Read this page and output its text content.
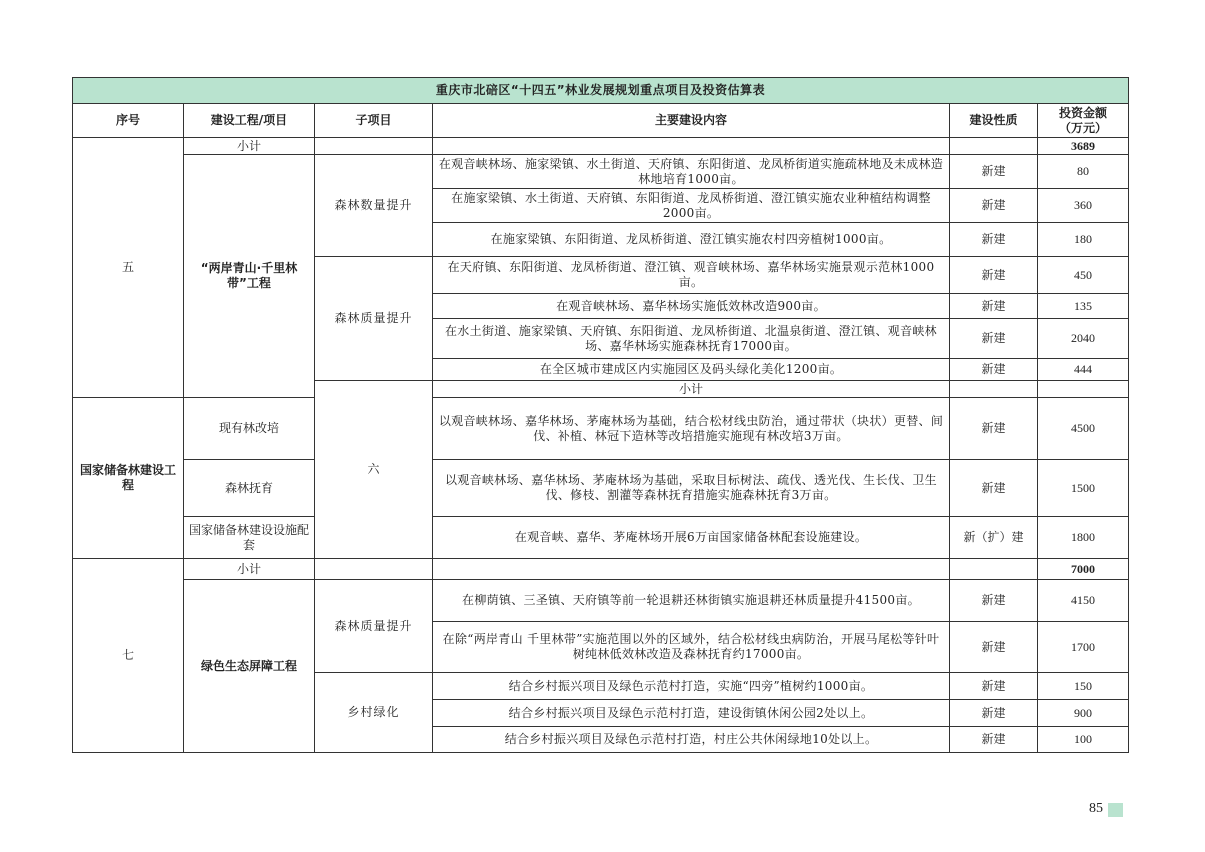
重庆市北碚区“十四五”林业发展规划重点项目及投资估算表						
序号	建设工程/项目	子项目	主要建设内容	建设性质	投资金额（万元）	
五	小计				3689	
	“两岸青山·千里林带”工程	森林数量提升	在观音峡林场、施家梁镇、水土街道、天府镇、东阳街道、龙凤桥街道实施疏林地及未成林造林地培育1000亩。	新建	80	
			在施家梁镇、水土街道、天府镇、东阳街道、龙凤桥街道、澄江镇实施农业种植结构调整2000亩。	新建	360	
			在施家梁镇、东阳街道、龙凤桥街道、澄江镇实施农村四旁植树1000亩。	新建	180	
		森林质量提升	在天府镇、东阳街道、龙凤桥街道、澄江镇、观音峡林场、嘉华林场实施景观示范林1000亩。	新建	450	
			在观音峡林场、嘉华林场实施低效林改造900亩。	新建	135	
			在水土街道、施家梁镇、天府镇、东阳街道、龙凤桥街道、北温泉街道、澄江镇、观音峡林场、嘉华林场实施森林抚育17000亩。	新建	2040	
			在全区城市建成区内实施园区及码头绿化美化1200亩。	新建	444	
		六	小计				
国家储备林建设工程	现有林改培		以观音峡林场、嘉华林场、茅庵林场为基础，结合松材线虫防治，通过带状（块状）更替、间伐、补植、林冠下造林等改培措施实施现有林改培3万亩。	新建	4500	
	森林抚育		以观音峡林场、嘉华林场、茅庵林场为基础，采取目标树法、疏伐、透光伐、生长伐、卫生伐、修枝、割灌等森林抚育措施实施森林抚育3万亩。	新建	1500	
	国家储备林建设设施配套		在观音峡、嘉华、茅庵林场开展6万亩国家储备林配套设施建设。	新（扩）建	1800	
七	小计				7000	
	绿色生态屏障工程	森林质量提升	在柳荫镇、三圣镇、天府镇等前一轮退耕还林街镇实施退耕还林质量提升41500亩。	新建	4150	
			在除“两岸青山 千里林带”实施范围以外的区域外，结合松材线虫病防治，开展马尾松等针叶树纯林低效林改造及森林抚育约17000亩。	新建	1700	
		乡村绿化	结合乡村振兴项目及绿色示范村打造，实施“四旁”植树约1000亩。	新建	150	
			结合乡村振兴项目及绿色示范村打造，建设街镇休闲公园2处以上。	新建	900	
			结合乡村振兴项目及绿色示范村打造，村庄公共休闲绿地10处以上。	新建	100	
85
